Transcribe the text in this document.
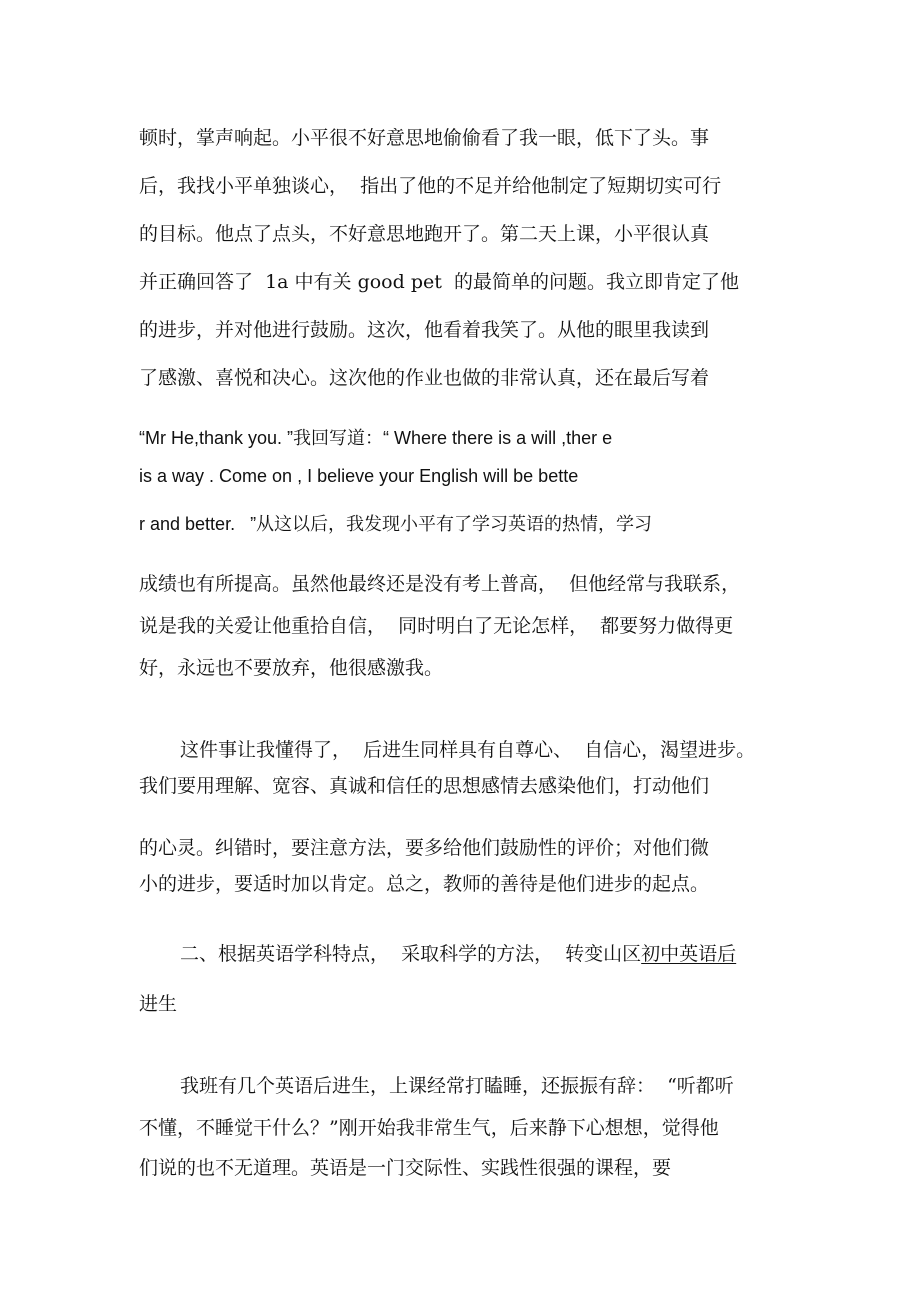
顿时，掌声响起。小平很不好意思地偷偷看了我一眼，低下了头。事
后，我找小平单独谈心，  指出了他的不足并给他制定了短期切实可行
的目标。他点了点头，不好意思地跑开了。第二天上课，小平很认真
并正确回答了  1a 中有关 good pet  的最简单的问题。我立即肯定了他
的进步，并对他进行鼓励。这次，他看着我笑了。从他的眼里我读到
了感激、喜悦和决心。这次他的作业也做的非常认真，还在最后写着
“Mr He,thank you. ”我回写道：“ Where there is a will ,ther e
is a way . Come on , I believe your English will be bette
r and better.   ”从这以后，我发现小平有了学习英语的热情，学习
成绩也有所提高。虽然他最终还是没有考上普高，  但他经常与我联系，
说是我的关爱让他重拾自信，  同时明白了无论怎样，  都要努力做得更
好，永远也不要放弃，他很感激我。
这件事让我懂得了，  后进生同样具有自尊心、  自信心，渴望进步。
我们要用理解、宽容、真诚和信任的思想感情去感染他们，打动他们
的心灵。纠错时，要注意方法，要多给他们鼓励性的评价；对他们微
小的进步，要适时加以肯定。总之，教师的善待是他们进步的起点。
二、根据英语学科特点，  采取科学的方法，  转变山区初中英语后
进生
我班有几个英语后进生，上课经常打瞌睡，还振振有辞：  “听都听
不懂，不睡觉干什么？”刚开始我非常生气，后来静下心想想，觉得他
们说的也不无道理。英语是一门交际性、实践性很强的课程，要
